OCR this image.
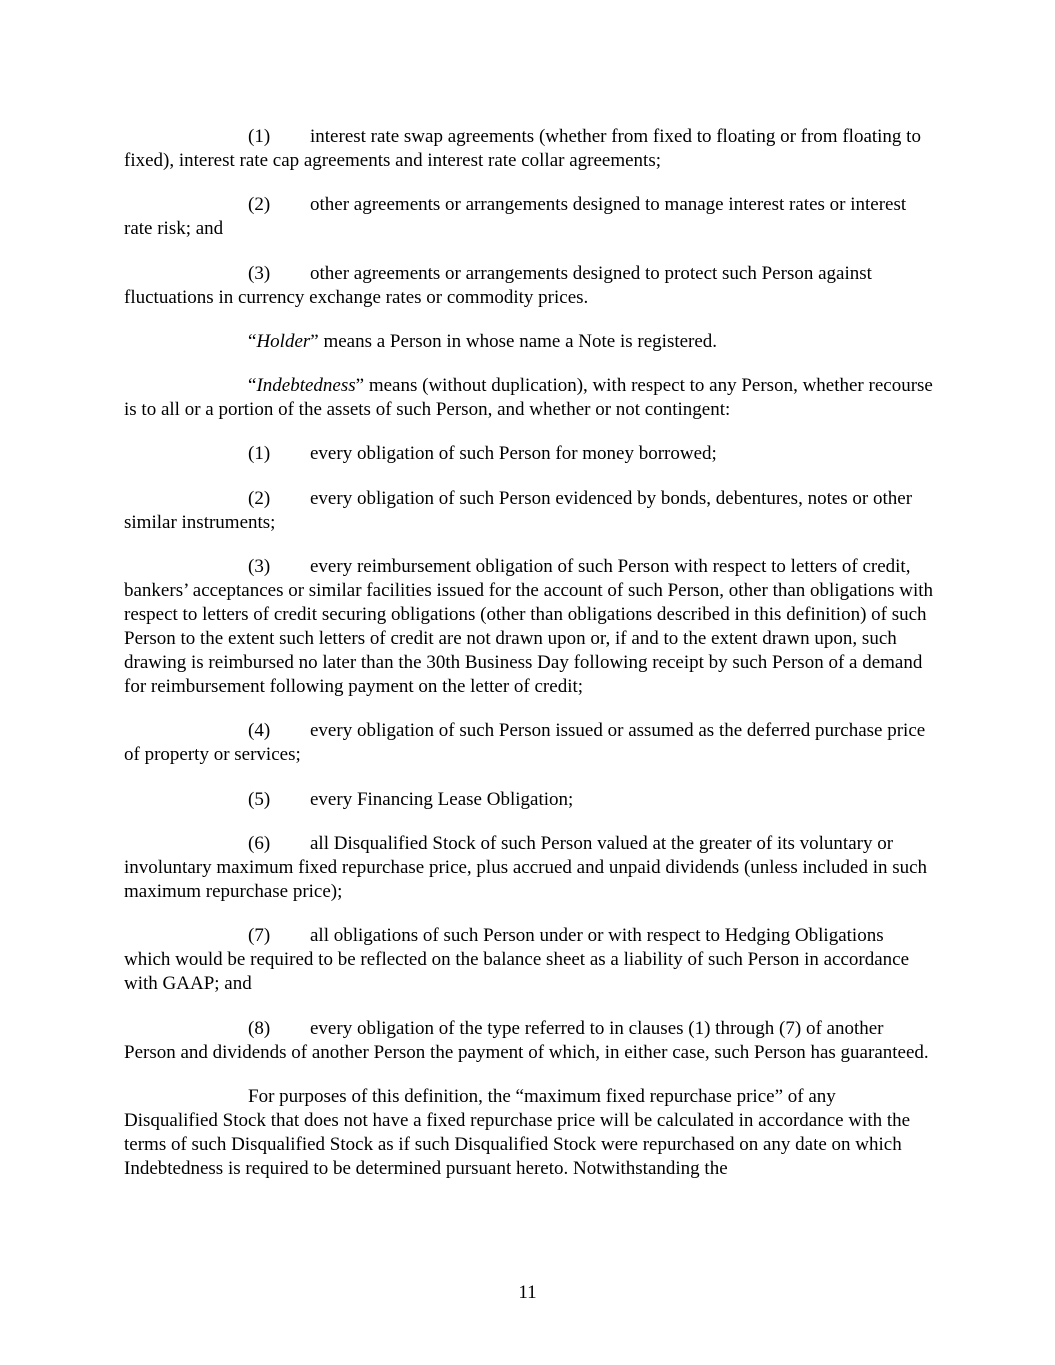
(1) interest rate swap agreements (whether from fixed to floating or from floating to fixed), interest rate cap agreements and interest rate collar agreements;

(2) other agreements or arrangements designed to manage interest rates or interest rate risk; and

(3) other agreements or arrangements designed to protect such Person against fluctuations in currency exchange rates or commodity prices.

“Holder” means a Person in whose name a Note is registered.

“Indebtedness” means (without duplication), with respect to any Person, whether recourse is to all or a portion of the assets of such Person, and whether or not contingent:

(1) every obligation of such Person for money borrowed;

(2) every obligation of such Person evidenced by bonds, debentures, notes or other similar instruments;

(3) every reimbursement obligation of such Person with respect to letters of credit, bankers’ acceptances or similar facilities issued for the account of such Person, other than obligations with respect to letters of credit securing obligations (other than obligations described in this definition) of such Person to the extent such letters of credit are not drawn upon or, if and to the extent drawn upon, such drawing is reimbursed no later than the 30th Business Day following receipt by such Person of a demand for reimbursement following payment on the letter of credit;

(4) every obligation of such Person issued or assumed as the deferred purchase price of property or services;

(5) every Financing Lease Obligation;

(6) all Disqualified Stock of such Person valued at the greater of its voluntary or involuntary maximum fixed repurchase price, plus accrued and unpaid dividends (unless included in such maximum repurchase price);

(7) all obligations of such Person under or with respect to Hedging Obligations which would be required to be reflected on the balance sheet as a liability of such Person in accordance with GAAP; and

(8) every obligation of the type referred to in clauses (1) through (7) of another Person and dividends of another Person the payment of which, in either case, such Person has guaranteed.

For purposes of this definition, the “maximum fixed repurchase price” of any Disqualified Stock that does not have a fixed repurchase price will be calculated in accordance with the terms of such Disqualified Stock as if such Disqualified Stock were repurchased on any date on which Indebtedness is required to be determined pursuant hereto. Notwithstanding the

11
